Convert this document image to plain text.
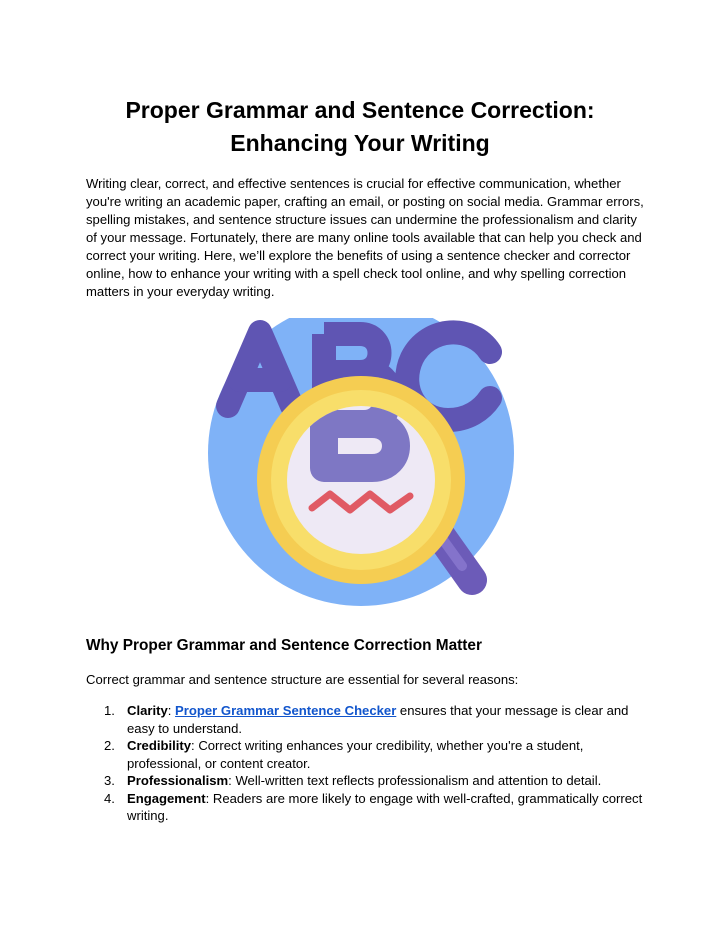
Proper Grammar and Sentence Correction:
Enhancing Your Writing

Writing clear, correct, and effective sentences is crucial for effective communication, whether you're writing an academic paper, crafting an email, or posting on social media. Grammar errors, spelling mistakes, and sentence structure issues can undermine the professionalism and clarity of your message. Fortunately, there are many online tools available that can help you check and correct your writing. Here, we’ll explore the benefits of using a sentence checker and corrector online, how to enhance your writing with a spell check tool online, and why spelling correction matters in your everyday writing.

Why Proper Grammar and Sentence Correction Matter

Correct grammar and sentence structure are essential for several reasons:

1. Clarity: Proper Grammar Sentence Checker ensures that your message is clear and easy to understand.
2. Credibility: Correct writing enhances your credibility, whether you're a student, professional, or content creator.
3. Professionalism: Well-written text reflects professionalism and attention to detail.
4. Engagement: Readers are more likely to engage with well-crafted, grammatically correct writing.
